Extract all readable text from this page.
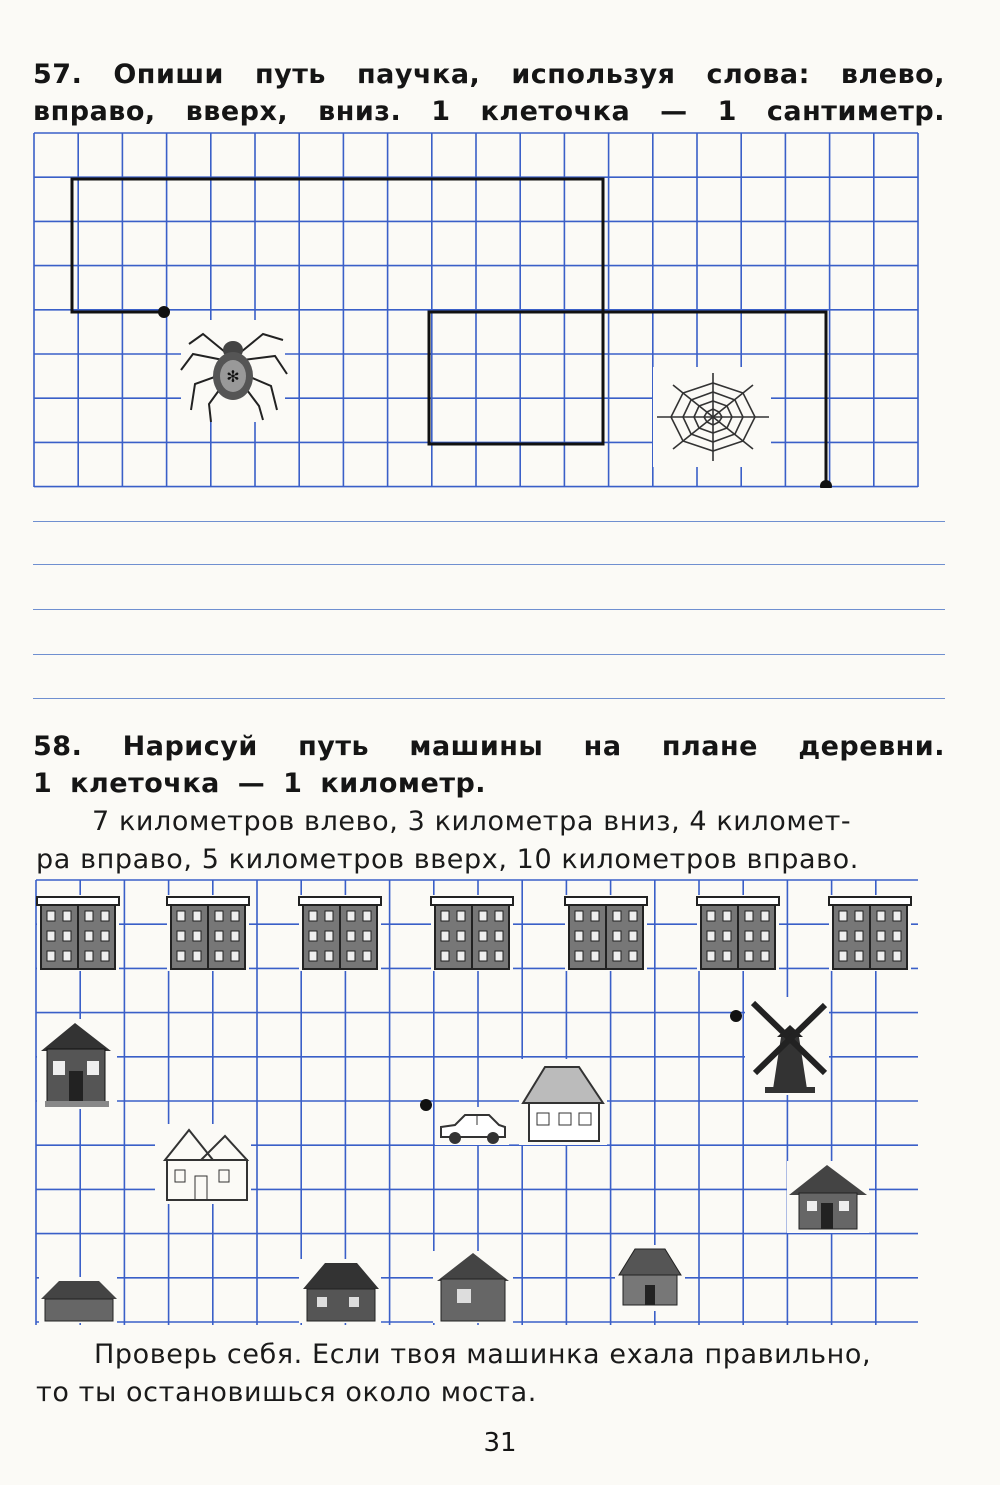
57. Опиши путь паучка, используя слова: влево,
вправо, вверх, вниз. 1 клеточка — 1 сантиметр.
✻
58. Нарисуй путь машины на плане деревни.
1 клеточка — 1 километр.
7 километров влево, 3 километра вниз, 4 километ-
ра вправо, 5 километров вверх, 10 километров вправо.
Проверь себя. Если твоя машинка ехала правильно,
то ты остановишься около моста.
31
